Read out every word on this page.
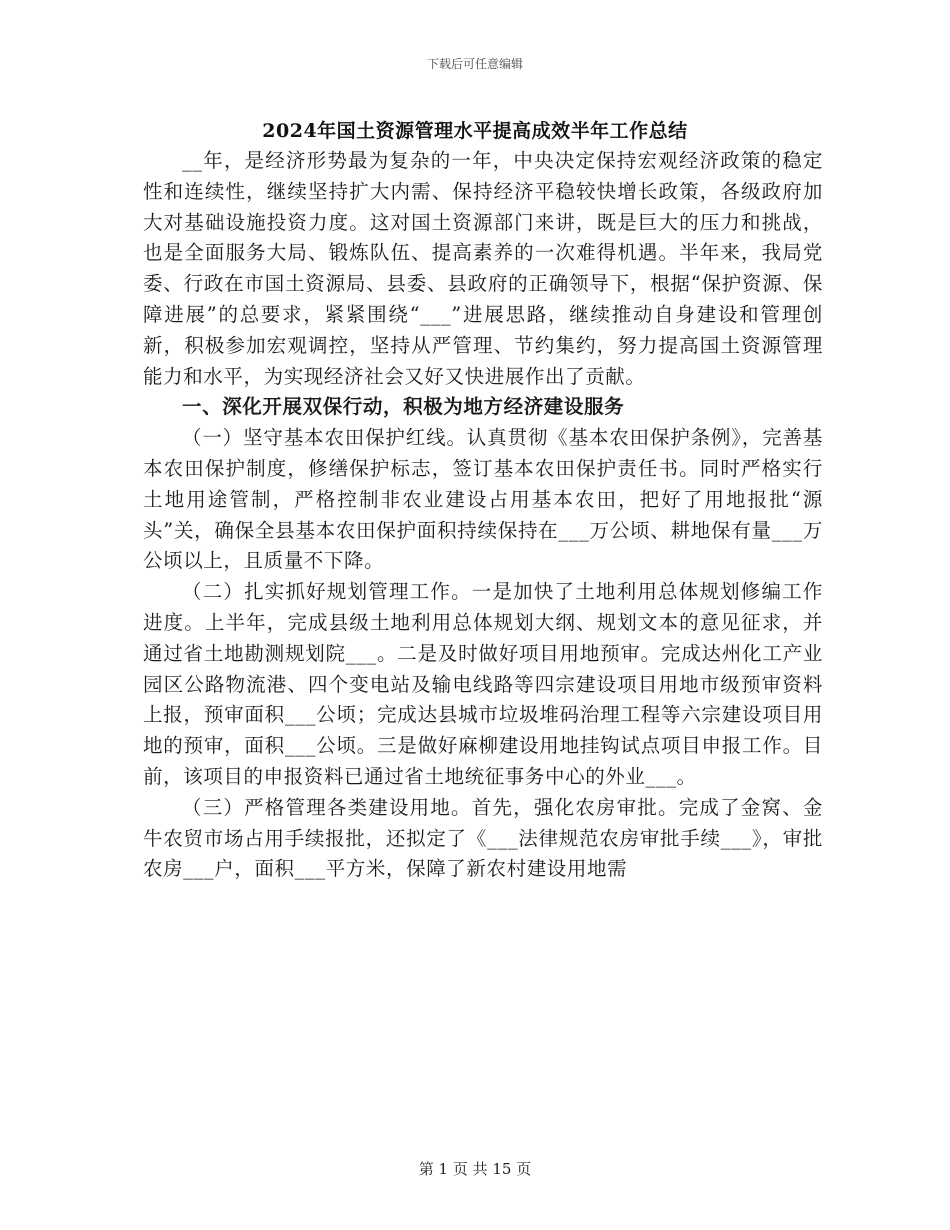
下载后可任意编辑
2024年国土资源管理水平提高成效半年工作总结

__年，是经济形势最为复杂的一年，中央决定保持宏观经济政策的稳定性和连续性，继续坚持扩大内需、保持经济平稳较快增长政策，各级政府加大对基础设施投资力度。这对国土资源部门来讲，既是巨大的压力和挑战，也是全面服务大局、锻炼队伍、提高素养的一次难得机遇。半年来，我局党委、行政在市国土资源局、县委、县政府的正确领导下，根据“保护资源、保障进展”的总要求，紧紧围绕“___”进展思路，继续推动自身建设和管理创新，积极参加宏观调控，坚持从严管理、节约集约，努力提高国土资源管理能力和水平，为实现经济社会又好又快进展作出了贡献。

一、深化开展双保行动，积极为地方经济建设服务

（一）坚守基本农田保护红线。认真贯彻《基本农田保护条例》，完善基本农田保护制度，修缮保护标志，签订基本农田保护责任书。同时严格实行土地用途管制，严格控制非农业建设占用基本农田，把好了用地报批“源头”关，确保全县基本农田保护面积持续保持在___万公顷、耕地保有量___万公顷以上，且质量不下降。

（二）扎实抓好规划管理工作。一是加快了土地利用总体规划修编工作进度。上半年，完成县级土地利用总体规划大纲、规划文本的意见征求，并通过省土地勘测规划院___。二是及时做好项目用地预审。完成达州化工产业园区公路物流港、四个变电站及输电线路等四宗建设项目用地市级预审资料上报，预审面积___公顷；完成达县城市垃圾堆码治理工程等六宗建设项目用地的预审，面积___公顷。三是做好麻柳建设用地挂钩试点项目申报工作。目前，该项目的申报资料已通过省土地统征事务中心的外业___。

（三）严格管理各类建设用地。首先，强化农房审批。完成了金窝、金牛农贸市场占用手续报批，还拟定了《___法律规范农房审批手续___》，审批农房___户，面积___平方米，保障了新农村建设用地需

第 1 页 共 15 页
